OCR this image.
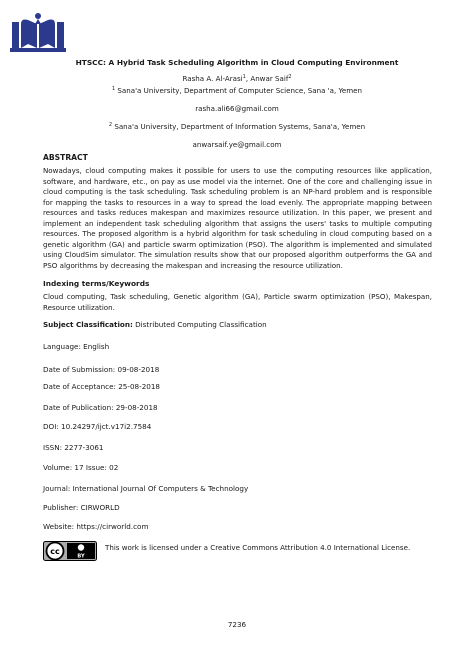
HTSCC: A Hybrid Task Scheduling Algorithm in Cloud Computing Environment
Rasha A. Al-Arasi$^1$, Anwar Saif$^2$
$^1$ Sana'a University, Department of Computer Science, Sana 'a, Yemen
rasha.ali66@gmail.com
$^2$ Sana'a University, Department of Information Systems, Sana'a, Yemen
anwarsaif.ye@gmail.com
ABSTRACT
Nowadays, cloud computing makes it possible for users to use the computing resources like application, software, and hardware, etc., on pay as use model via the internet. One of the core and challenging issue in cloud computing is the task scheduling. Task scheduling problem is an NP-hard problem and is responsible for mapping the tasks to resources in a way to spread the load evenly. The appropriate mapping between resources and tasks reduces makespan and maximizes resource utilization. In this paper, we present and implement an independent task scheduling algorithm that assigns the users' tasks to multiple computing resources. The proposed algorithm is a hybrid algorithm for task scheduling in cloud computing based on a genetic algorithm (GA) and particle swarm optimization (PSO). The algorithm is implemented and simulated using CloudSim simulator. The simulation results show that our proposed algorithm outperforms the GA and PSO algorithms by decreasing the makespan and increasing the resource utilization.
Indexing terms/Keywords
Cloud computing, Task scheduling, Genetic algorithm (GA), Particle swarm optimization (PSO), Makespan, Resource utilization.
Subject Classification: Distributed Computing Classification
Language: English
Date of Submission: 09-08-2018
Date of Acceptance: 25-08-2018
Date of Publication: 29-08-2018
DOI: 10.24297/ijct.v17i2.7584
ISSN: 2277-3061
Volume: 17 Issue: 02
Journal: International Journal Of Computers & Technology
Publisher: CIRWORLD
Website: https://cirworld.com
cc
BY
This work is licensed under a Creative Commons Attribution 4.0 International License.
7236
